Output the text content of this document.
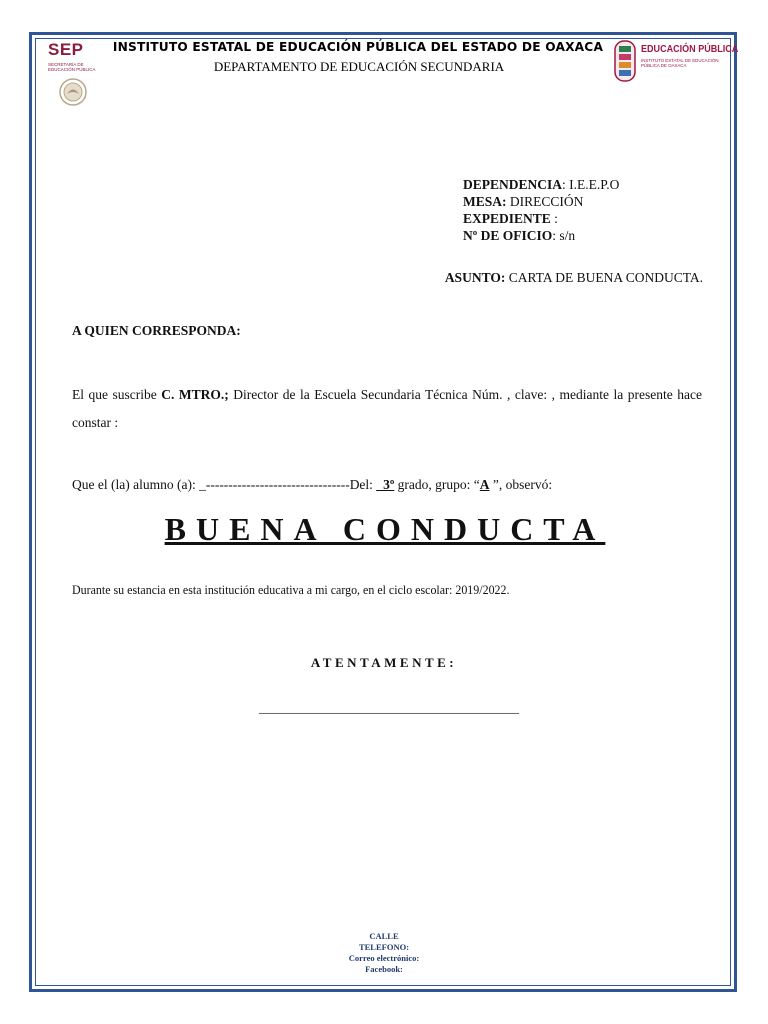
SEP
SECRETARÍA DE EDUCACIÓN PÚBLICA
INSTITUTO ESTATAL DE EDUCACIÓN PÚBLICA DEL ESTADO DE OAXACA
DEPARTAMENTO DE EDUCACIÓN SECUNDARIA
EDUCACIÓN PÚBLICA
INSTITUTO ESTATAL DE EDUCACIÓN PÚBLICA DE OAXACA
DEPENDENCIA: I.E.E.P.O
MESA: DIRECCIÓN
EXPEDIENTE :
Nº DE OFICIO: s/n
ASUNTO: CARTA DE BUENA CONDUCTA.
A QUIEN CORRESPONDA:
El que suscribe C. MTRO.; Director de la Escuela Secundaria Técnica Núm. , clave: , mediante la presente hace constar :
Que el (la) alumno (a): _--------------------------------Del: _3º grado, grupo: “A ”, observó:
BUENA CONDUCTA
Durante su estancia en esta institución educativa a mi cargo, en el ciclo escolar: 2019/2022.
ATENTAMENTE:
________________________________________
CALLE
TELEFONO:
Correo electrónico:
Facebook:
